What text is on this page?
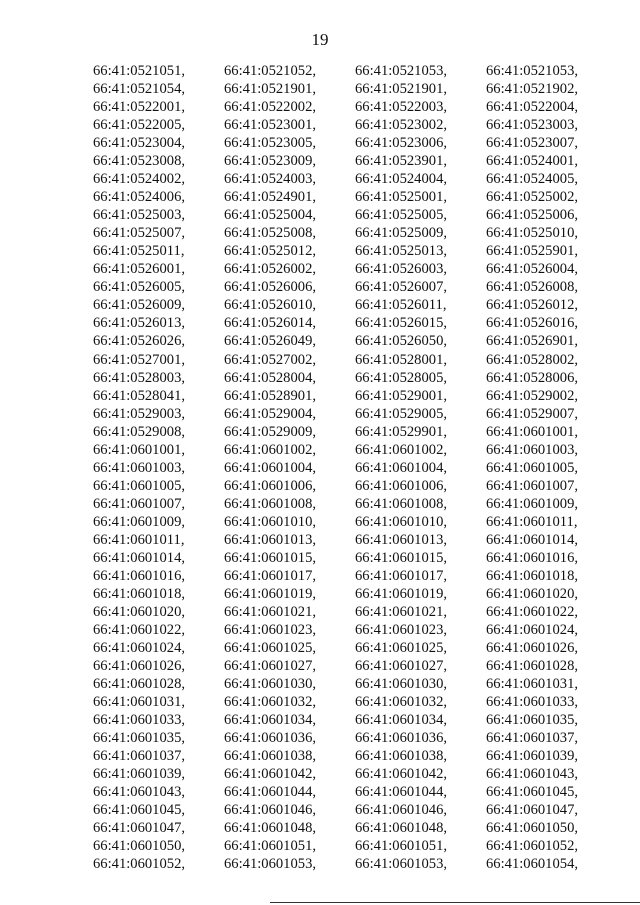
19
66:41:0521051,	66:41:0521052,	66:41:0521053,	66:41:0521053,
66:41:0521054,	66:41:0521901,	66:41:0521901,	66:41:0521902,
66:41:0522001,	66:41:0522002,	66:41:0522003,	66:41:0522004,
66:41:0522005,	66:41:0523001,	66:41:0523002,	66:41:0523003,
66:41:0523004,	66:41:0523005,	66:41:0523006,	66:41:0523007,
66:41:0523008,	66:41:0523009,	66:41:0523901,	66:41:0524001,
66:41:0524002,	66:41:0524003,	66:41:0524004,	66:41:0524005,
66:41:0524006,	66:41:0524901,	66:41:0525001,	66:41:0525002,
66:41:0525003,	66:41:0525004,	66:41:0525005,	66:41:0525006,
66:41:0525007,	66:41:0525008,	66:41:0525009,	66:41:0525010,
66:41:0525011,	66:41:0525012,	66:41:0525013,	66:41:0525901,
66:41:0526001,	66:41:0526002,	66:41:0526003,	66:41:0526004,
66:41:0526005,	66:41:0526006,	66:41:0526007,	66:41:0526008,
66:41:0526009,	66:41:0526010,	66:41:0526011,	66:41:0526012,
66:41:0526013,	66:41:0526014,	66:41:0526015,	66:41:0526016,
66:41:0526026,	66:41:0526049,	66:41:0526050,	66:41:0526901,
66:41:0527001,	66:41:0527002,	66:41:0528001,	66:41:0528002,
66:41:0528003,	66:41:0528004,	66:41:0528005,	66:41:0528006,
66:41:0528041,	66:41:0528901,	66:41:0529001,	66:41:0529002,
66:41:0529003,	66:41:0529004,	66:41:0529005,	66:41:0529007,
66:41:0529008,	66:41:0529009,	66:41:0529901,	66:41:0601001,
66:41:0601001,	66:41:0601002,	66:41:0601002,	66:41:0601003,
66:41:0601003,	66:41:0601004,	66:41:0601004,	66:41:0601005,
66:41:0601005,	66:41:0601006,	66:41:0601006,	66:41:0601007,
66:41:0601007,	66:41:0601008,	66:41:0601008,	66:41:0601009,
66:41:0601009,	66:41:0601010,	66:41:0601010,	66:41:0601011,
66:41:0601011,	66:41:0601013,	66:41:0601013,	66:41:0601014,
66:41:0601014,	66:41:0601015,	66:41:0601015,	66:41:0601016,
66:41:0601016,	66:41:0601017,	66:41:0601017,	66:41:0601018,
66:41:0601018,	66:41:0601019,	66:41:0601019,	66:41:0601020,
66:41:0601020,	66:41:0601021,	66:41:0601021,	66:41:0601022,
66:41:0601022,	66:41:0601023,	66:41:0601023,	66:41:0601024,
66:41:0601024,	66:41:0601025,	66:41:0601025,	66:41:0601026,
66:41:0601026,	66:41:0601027,	66:41:0601027,	66:41:0601028,
66:41:0601028,	66:41:0601030,	66:41:0601030,	66:41:0601031,
66:41:0601031,	66:41:0601032,	66:41:0601032,	66:41:0601033,
66:41:0601033,	66:41:0601034,	66:41:0601034,	66:41:0601035,
66:41:0601035,	66:41:0601036,	66:41:0601036,	66:41:0601037,
66:41:0601037,	66:41:0601038,	66:41:0601038,	66:41:0601039,
66:41:0601039,	66:41:0601042,	66:41:0601042,	66:41:0601043,
66:41:0601043,	66:41:0601044,	66:41:0601044,	66:41:0601045,
66:41:0601045,	66:41:0601046,	66:41:0601046,	66:41:0601047,
66:41:0601047,	66:41:0601048,	66:41:0601048,	66:41:0601050,
66:41:0601050,	66:41:0601051,	66:41:0601051,	66:41:0601052,
66:41:0601052,	66:41:0601053,	66:41:0601053,	66:41:0601054,
